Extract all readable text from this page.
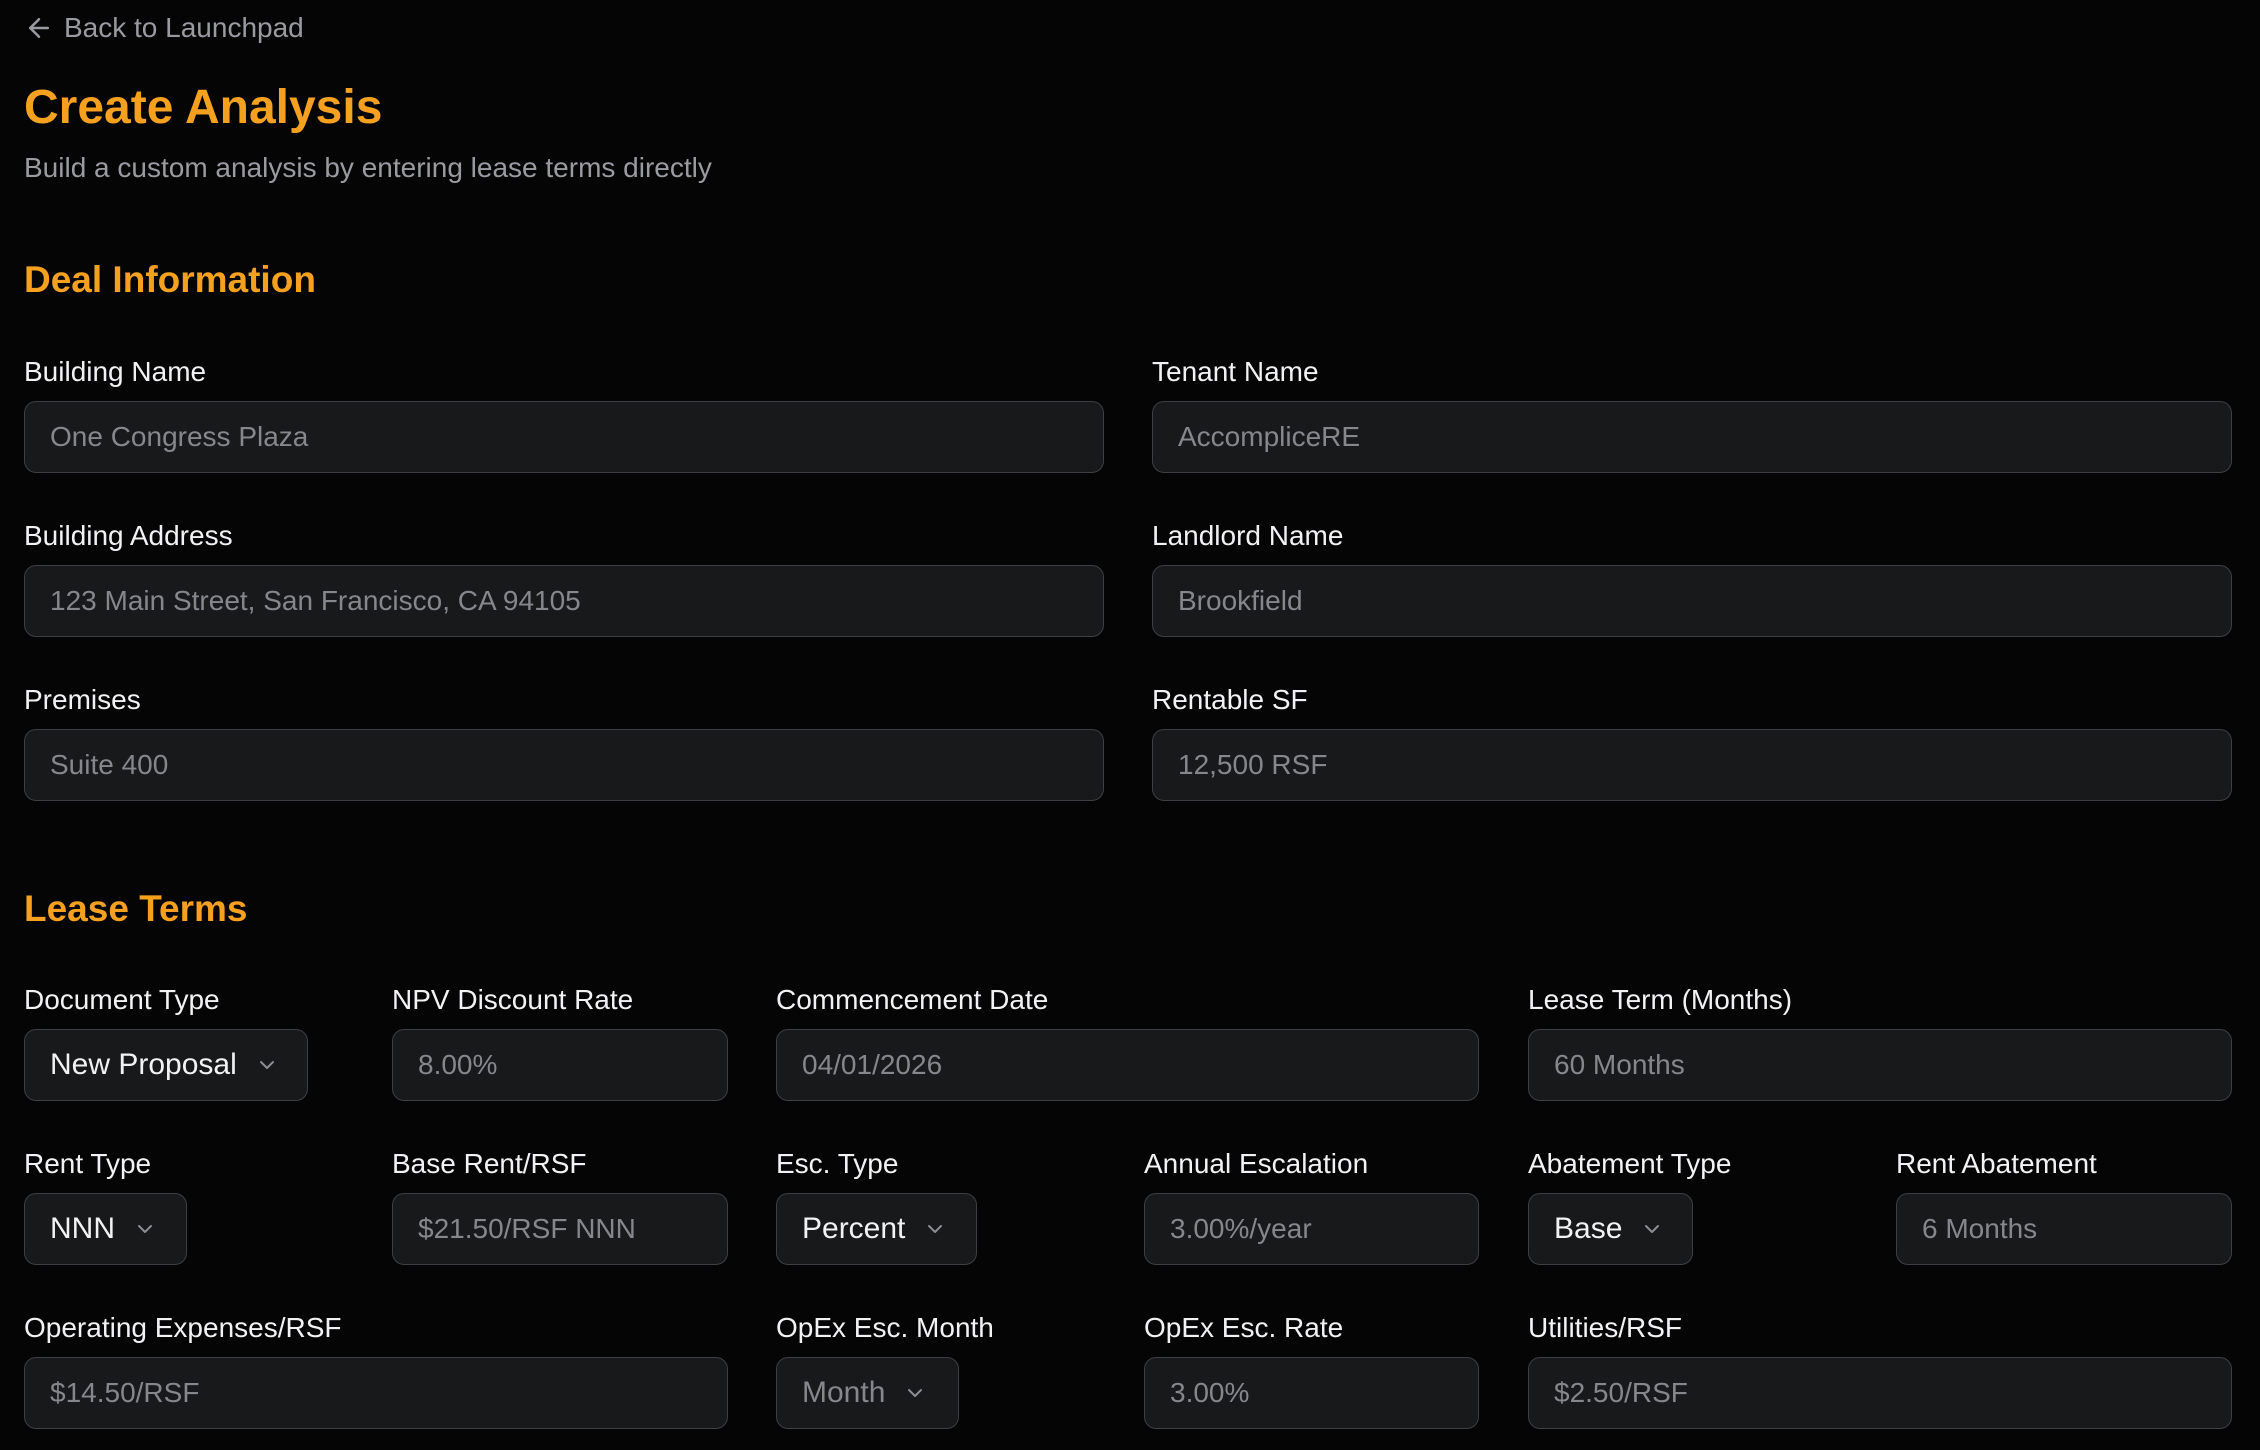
Back to Launchpad
Create Analysis
Build a custom analysis by entering lease terms directly
Deal Information
Building Name
One Congress Plaza
Tenant Name
AccompliceRE
Building Address
123 Main Street, San Francisco, CA 94105
Landlord Name
Brookfield
Premises
Suite 400
Rentable SF
12,500 RSF
Lease Terms
Document Type
New Proposal
NPV Discount Rate
8.00%
Commencement Date
04/01/2026
Lease Term (Months)
60 Months
Rent Type
NNN
Base Rent/RSF
$21.50/RSF NNN
Esc. Type
Percent
Annual Escalation
3.00%/year
Abatement Type
Base
Rent Abatement
6 Months
Operating Expenses/RSF
$14.50/RSF
OpEx Esc. Month
Month
OpEx Esc. Rate
3.00%
Utilities/RSF
$2.50/RSF
